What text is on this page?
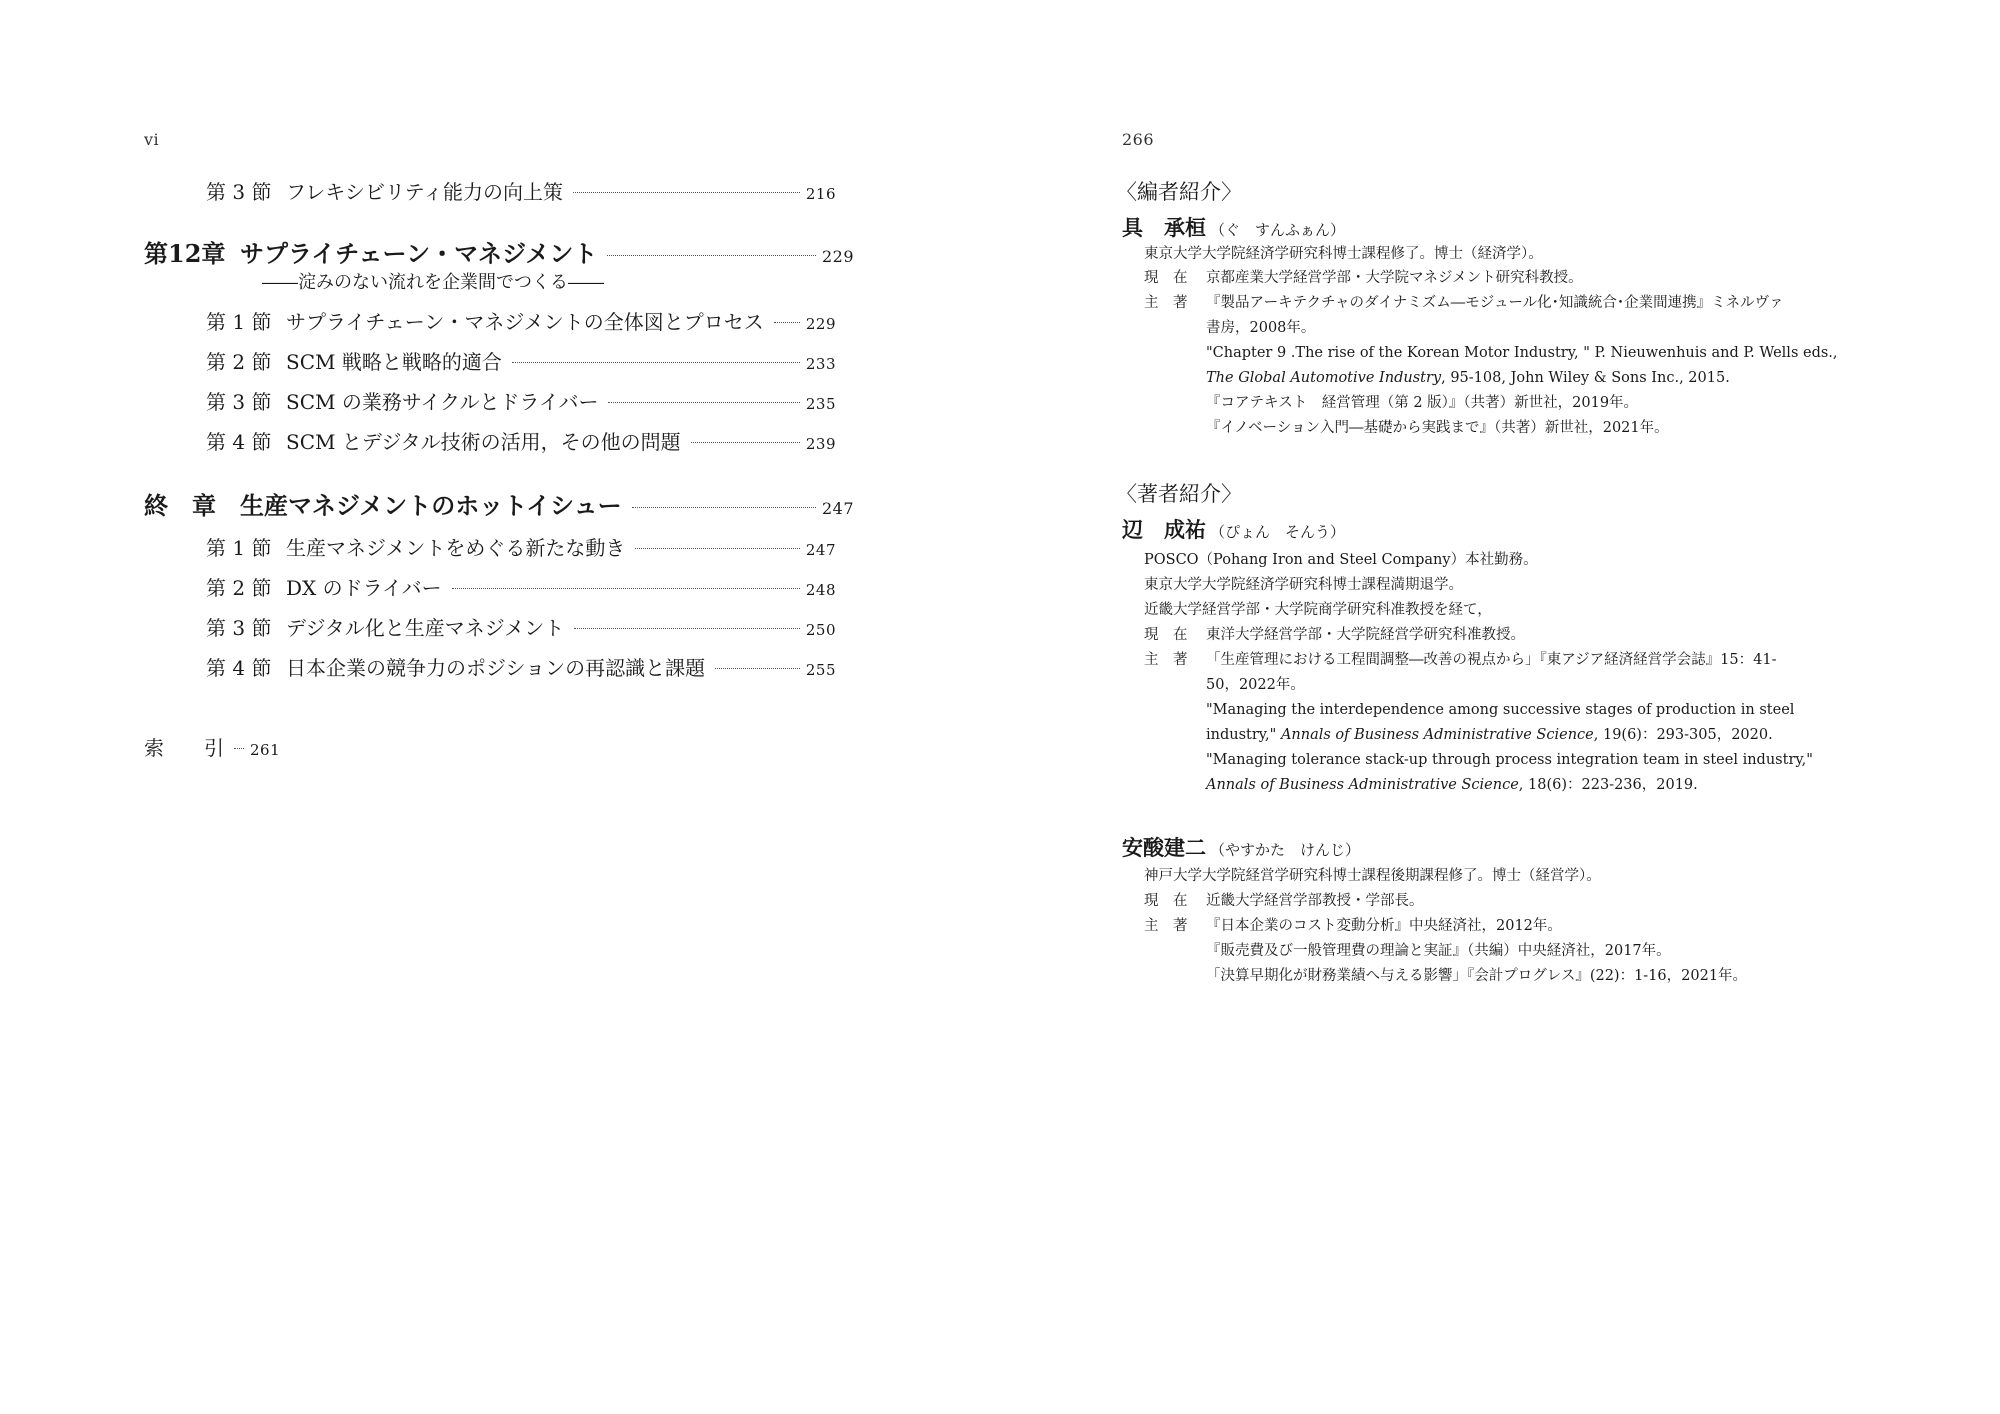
vi
第 3 節 フレキシビリティ能力の向上策	216
第12章 サプライチェーン・マネジメント	229
――淀みのない流れを企業間でつくる――
第 1 節 サプライチェーン・マネジメントの全体図とプロセス	229
第 2 節 SCM 戦略と戦略的適合	233
第 3 節 SCM の業務サイクルとドライバー	235
第 4 節 SCM とデジタル技術の活用，その他の問題	239
終　章 生産マネジメントのホットイシュー	247
第 1 節 生産マネジメントをめぐる新たな動き	247
第 2 節 DX のドライバー	248
第 3 節 デジタル化と生産マネジメント	250
第 4 節 日本企業の競争力のポジションの再認識と課題	255
索　　引 261
266
〈編者紹介〉
具　承桓 （ぐ　すんふぁん）
東京大学大学院経済学研究科博士課程修了。博士（経済学）。
現　在 京都産業大学経営学部・大学院マネジメント研究科教授。
主　著 『製品アーキテクチャのダイナミズム―モジュール化･知識統合･企業間連携』ミネルヴァ
書房，2008年。
"Chapter 9 .The rise of the Korean Motor Industry, " P. Nieuwenhuis and P. Wells eds.,
The Global Automotive Industry, 95-108, John Wiley & Sons Inc., 2015.
『コアテキスト　経営管理（第 2 版）』（共著）新世社，2019年。
『イノベーション入門―基礎から実践まで』（共著）新世社，2021年。
〈著者紹介〉
辺　成祐 （ぴょん　そんう）
POSCO（Pohang Iron and Steel Company）本社勤務。
東京大学大学院経済学研究科博士課程満期退学。
近畿大学経営学部・大学院商学研究科准教授を経て，
現　在 東洋大学経営学部・大学院経営学研究科准教授。
主　著 「生産管理における工程間調整―改善の視点から」『東アジア経済経営学会誌』15：41-
50，2022年。
"Managing the interdependence among successive stages of production in steel
industry," Annals of Business Administrative Science, 19(6)：293-305，2020.
"Managing tolerance stack-up through process integration team in steel industry,"
Annals of Business Administrative Science, 18(6)：223-236，2019.
安酸建二 （やすかた　けんじ）
神戸大学大学院経営学研究科博士課程後期課程修了。博士（経営学）。
現　在 近畿大学経営学部教授・学部長。
主　著 『日本企業のコスト変動分析』中央経済社，2012年。
『販売費及び一般管理費の理論と実証』（共編）中央経済社，2017年。
「決算早期化が財務業績へ与える影響」『会計プログレス』(22)：1-16，2021年。
